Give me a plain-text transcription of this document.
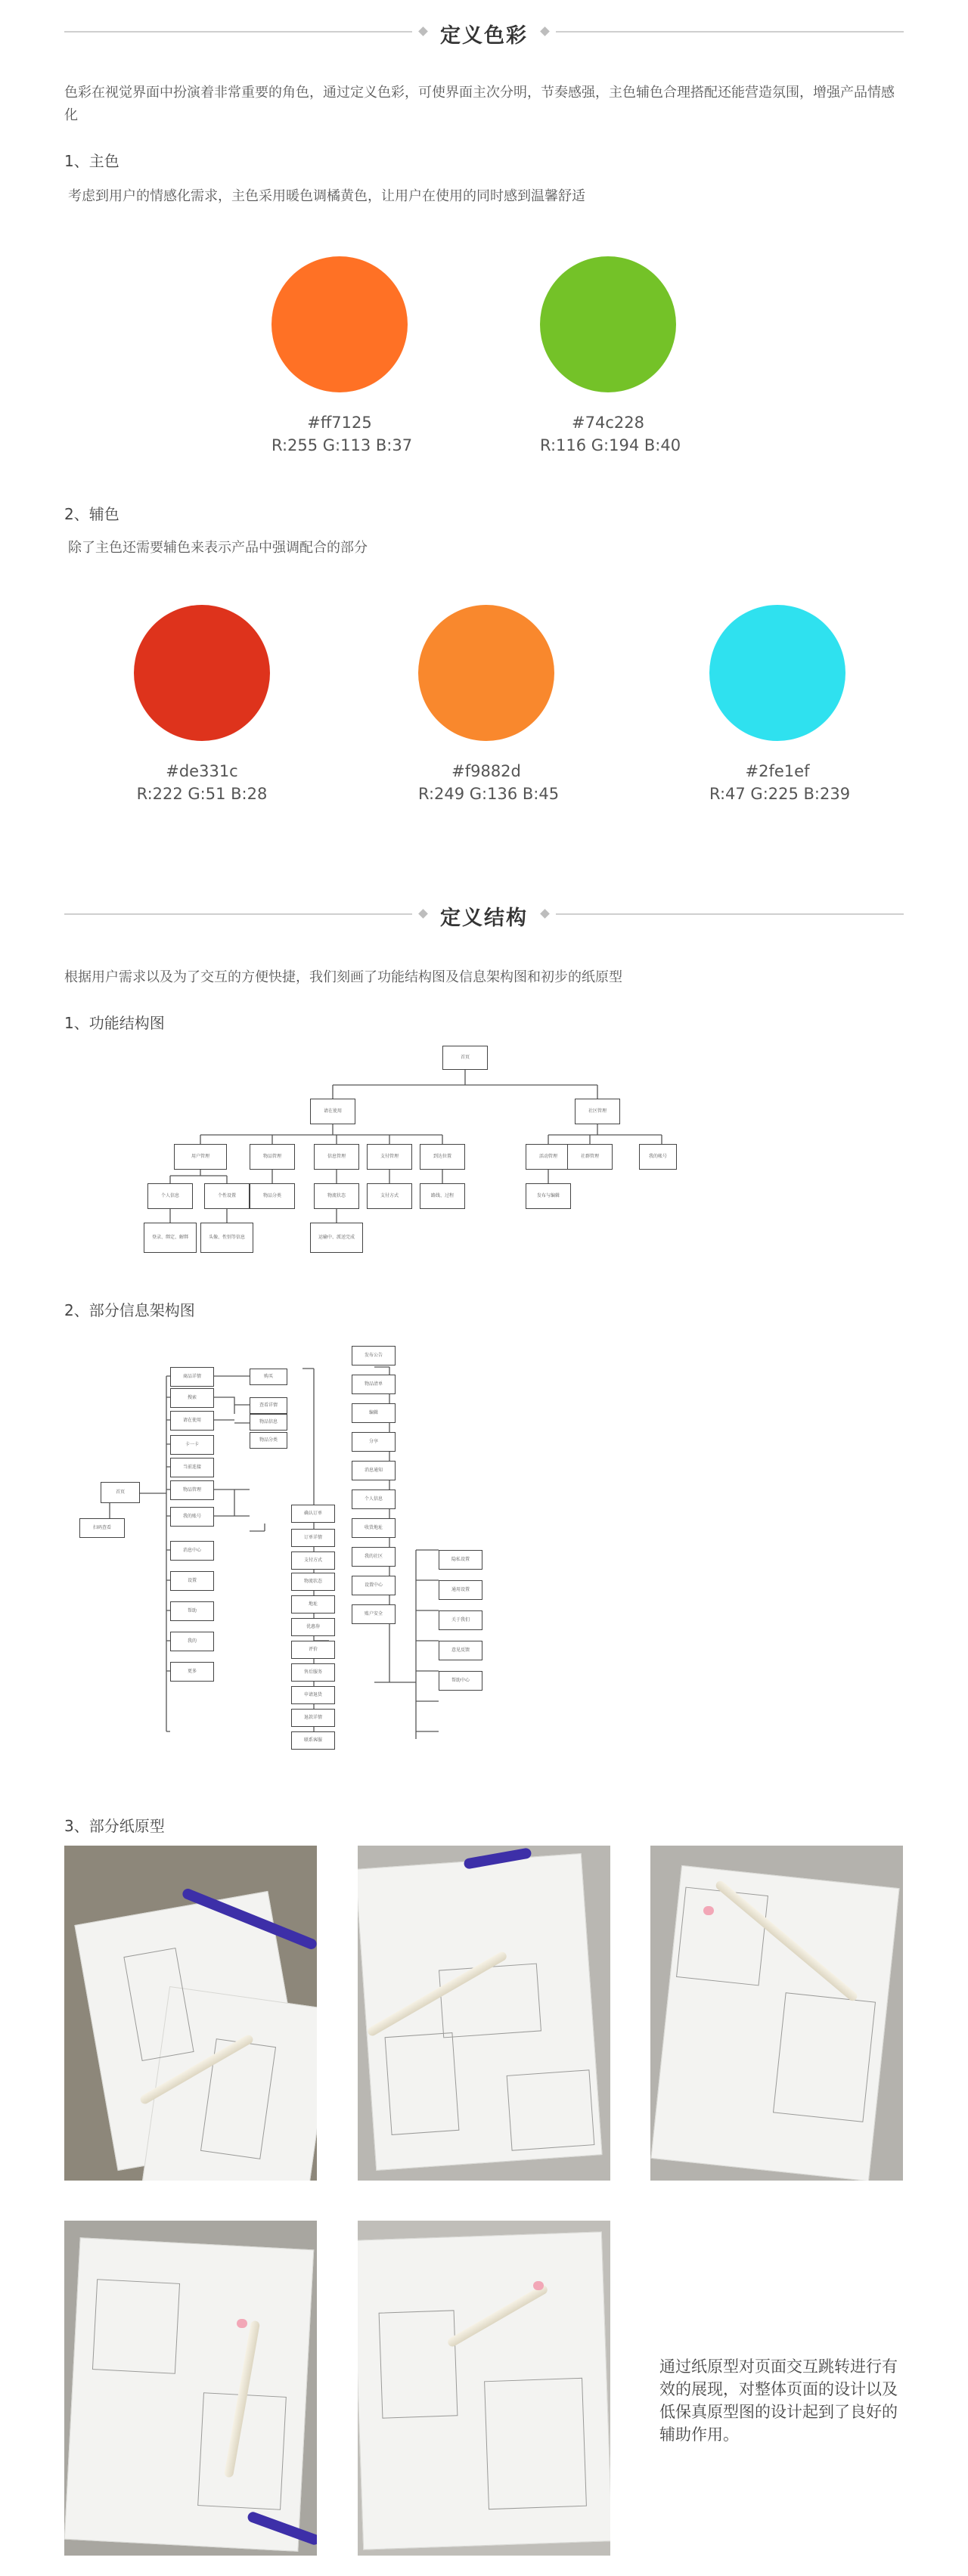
定义色彩
色彩在视觉界面中扮演着非常重要的角色，通过定义色彩，可使界面主次分明，节奏感强，主色辅色合理搭配还能营造氛围，增强产品情感化
1、主色
考虑到用户的情感化需求，主色采用暖色调橘黄色，让用户在使用的同时感到温馨舒适
#ff7125
R:255 G:113 B:37
#74c228
R:116 G:194 B:40
2、辅色
除了主色还需要辅色来表示产品中强调配合的部分
#de331c
R:222 G:51 B:28
#f9882d
R:249 G:136 B:45
#2fe1ef
R:47 G:225 B:239
定义结构
根据用户需求以及为了交互的方便快捷，我们刻画了功能结构图及信息架构图和初步的纸原型
1、功能结构图
首页
请在使用	社区管理
用户管理	物品管理	信息管理	支付管理	到达位置	活动管理	社群管理	我的帐号
个人信息	个性设置	物品分类	物流状态	支付方式	路线、过程	发布与编辑
登录、绑定、解绑	头像、性别等信息	运输中、派送完成
2、部分信息架构图
首页
扫码查看
商品详情
搜索
请在使用
卡一卡
当前连接
物品管理
我的账号
消息中心
设置
帮助
我的
更多
购买
查看详情
物品信息
物品分类
确认订单
订单详情
支付方式
物流状态
地址
优惠券
评价
售后服务
申请退货
退款详情
联系客服
发布公告
物品清单
编辑
分享
消息通知
个人信息
收货地址
我的社区
设置中心
账户安全
隐私设置
通用设置
关于我们
意见反馈
帮助中心
3、部分纸原型
通过纸原型对页面交互跳转进行有效的展现，对整体页面的设计以及低保真原型图的设计起到了良好的辅助作用。
